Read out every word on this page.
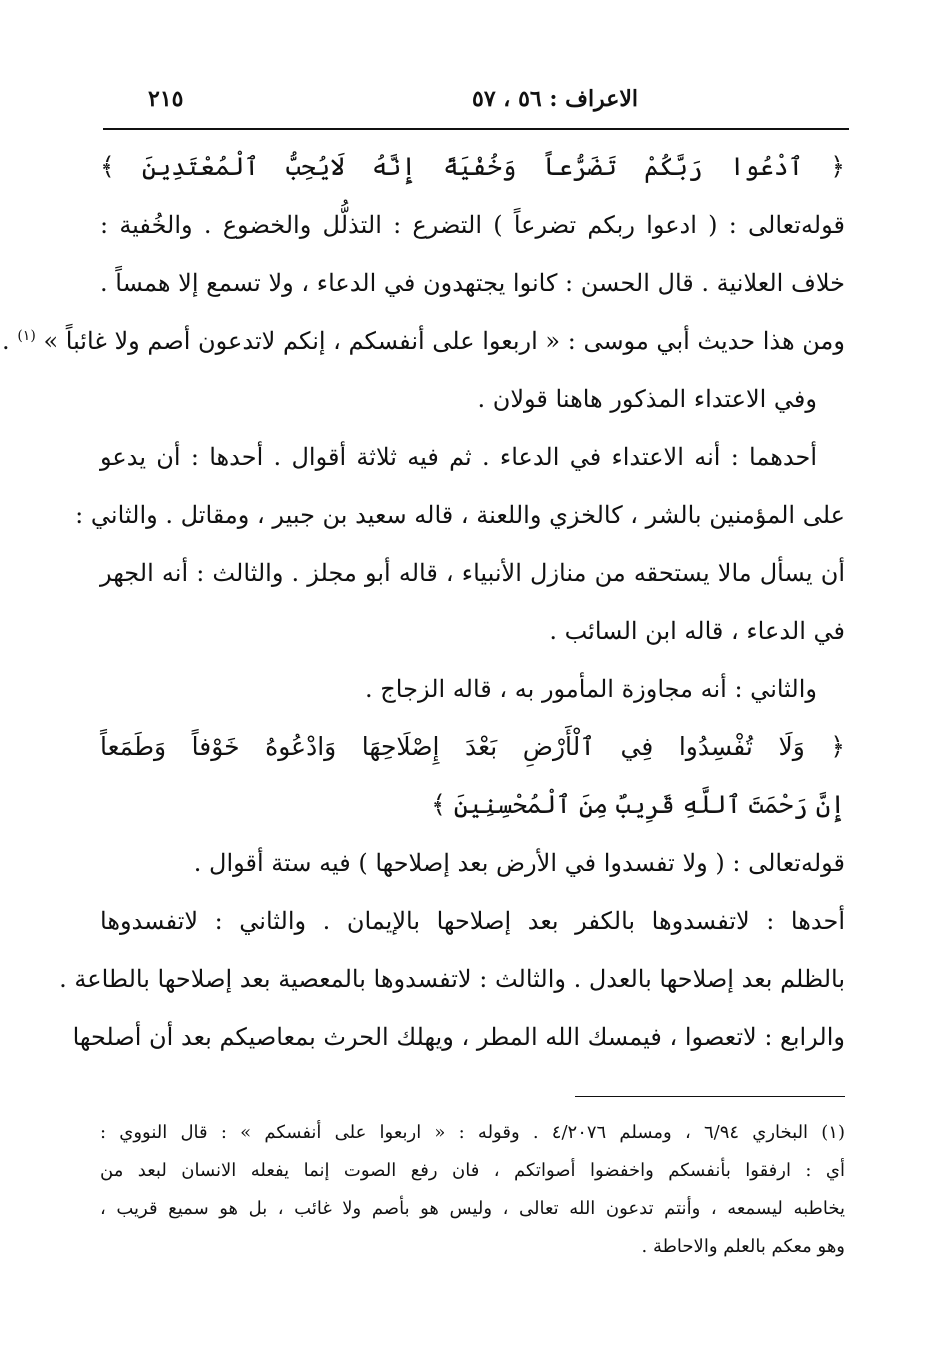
الاعراف : ٥٦ ، ٥٧
٢١٥
﴿ ٱدْعُوا رَبَّكُمْ تَضَرُّعاً وَخُفْيَةً إِنَّهُ لَايُحِبُّ ٱلْمُعْتَدِينَ ﴾
قوله‌تعالى : ( ادعوا ربكم تضرعاً ) التضرع : التذلُّل والخضوع . والخُفية :
خلاف العلانية . قال الحسن : كانوا يجتهدون في الدعاء ، ولا تسمع إلا همساً .
ومن هذا حديث أبي موسى : « اربعوا على أنفسكم ، إنكم لاتدعون أصم ولا غائباً » $^{(١)}$ .
وفي الاعتداء المذكور هاهنا قولان .
أحدهما : أنه الاعتداء في الدعاء . ثم فيه ثلاثة أقوال . أحدها : أن يدعو
على المؤمنين بالشر ، كالخزي واللعنة ، قاله سعيد بن جبير ، ومقاتل . والثاني :
أن يسأل مالا يستحقه من منازل الأنبياء ، قاله أبو مجلز . والثالث : أنه الجهر
في الدعاء ، قاله ابن السائب .
والثاني : أنه مجاوزة المأمور به ، قاله الزجاج .
﴿ وَلَا تُفْسِدُوا فِي ٱلْأَرْضِ بَعْدَ إِصْلَاحِهَا وَادْعُوهُ خَوْفاً وَطَمَعاً
إِنَّ رَحْمَتَ ٱللَّهِ قَرِيبٌ مِنَ ٱلْمُحْسِنِينَ ﴾
قوله‌تعالى : ( ولا تفسدوا في الأرض بعد إصلاحها ) فيه ستة أقوال .
أحدها : لاتفسدوها بالكفر بعد إصلاحها بالإيمان . والثاني : لاتفسدوها
بالظلم بعد إصلاحها بالعدل . والثالث : لاتفسدوها بالمعصية بعد إصلاحها بالطاعة .
والرابع : لاتعصوا ، فيمسك الله المطر ، ويهلك الحرث بمعاصيكم بعد أن أصلحها
(١) البخاري ٦/٩٤ ، ومسلم ٤/٢٠٧٦ . وقوله : « اربعوا على أنفسكم » : قال النووي :
أي : ارفقوا بأنفسكم واخفضوا أصواتكم ، فان رفع الصوت إنما يفعله الانسان لبعد من
يخاطبه ليسمعه ، وأنتم تدعون الله تعالى ، وليس هو بأصم ولا غائب ، بل هو سميع قريب ،
وهو معكم بالعلم والاحاطة .
